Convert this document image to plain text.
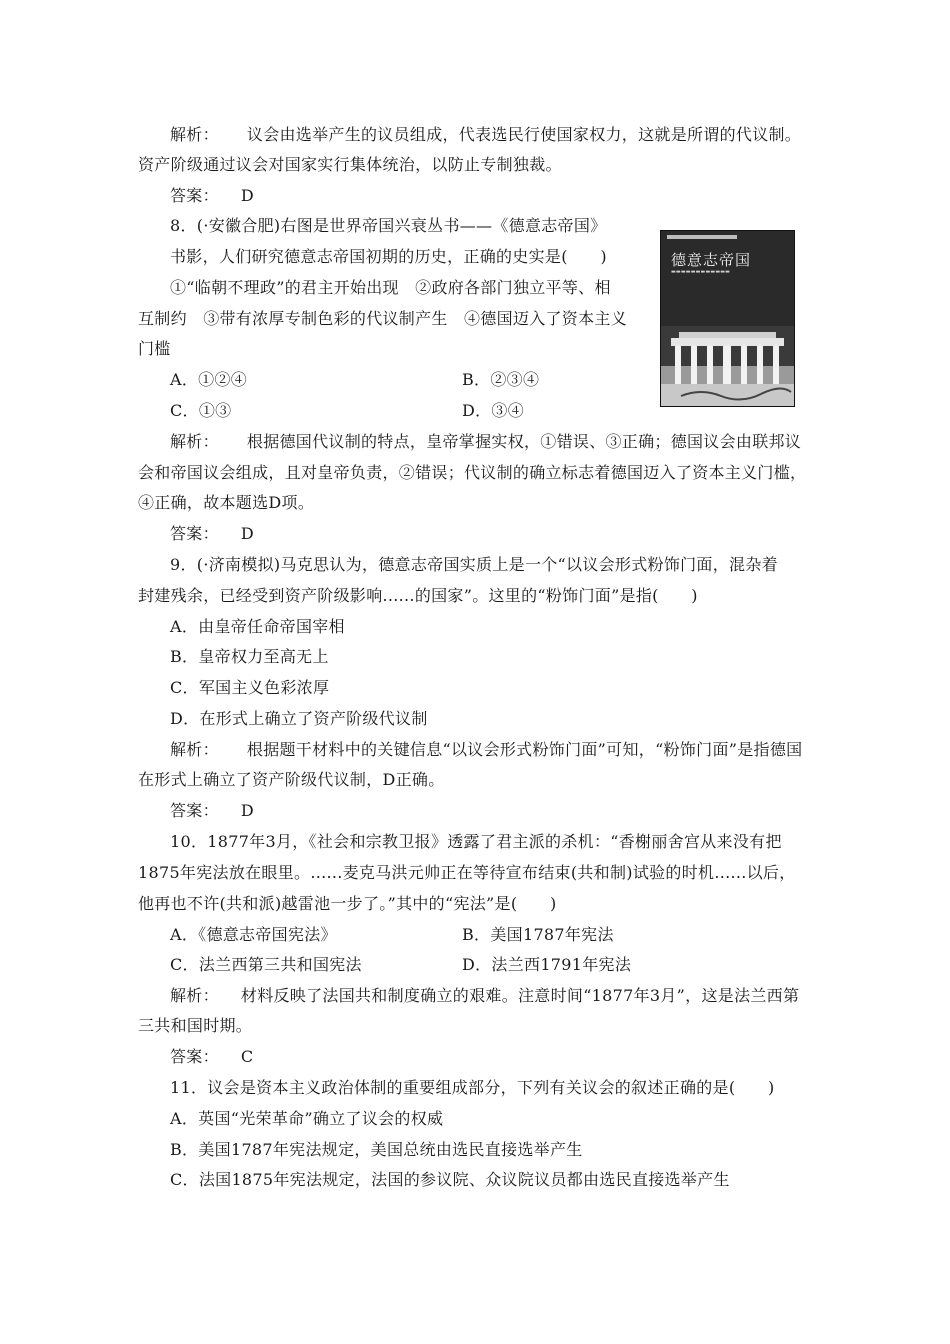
解析： 议会由选举产生的议员组成，代表选民行使国家权力，这就是所谓的代议制。
资产阶级通过议会对国家实行集体统治，以防止专制独裁。
答案： D
8．(·安徽合肥)右图是世界帝国兴衰丛书——《德意志帝国》
书影，人们研究德意志帝国初期的历史，正确的史实是(　　)
①“临朝不理政”的君主开始出现　②政府各部门独立平等、相
互制约　③带有浓厚专制色彩的代议制产生　④德国迈入了资本主义
门槛
A．①②④	B．②③④
C．①③	D．③④
德意志帝国
▬▬▬▬▬▬▬▬▬▬▬▬
解析： 根据德国代议制的特点，皇帝掌握实权，①错误、③正确；德国议会由联邦议
会和帝国议会组成，且对皇帝负责，②错误；代议制的确立标志着德国迈入了资本主义门槛，
④正确，故本题选D项。
答案： D
9．(·济南模拟)马克思认为，德意志帝国实质上是一个“以议会形式粉饰门面，混杂着
封建残余，已经受到资产阶级影响......的国家”。这里的“粉饰门面”是指(　　)
A．由皇帝任命帝国宰相
B．皇帝权力至高无上
C．军国主义色彩浓厚
D．在形式上确立了资产阶级代议制
解析： 根据题干材料中的关键信息“以议会形式粉饰门面”可知，“粉饰门面”是指德国
在形式上确立了资产阶级代议制，D正确。
答案： D
10．1877年3月，《社会和宗教卫报》透露了君主派的杀机：“香榭丽舍宫从来没有把
1875年宪法放在眼里。......麦克马洪元帅正在等待宣布结束(共和制)试验的时机......以后，
他再也不许(共和派)越雷池一步了。”其中的“宪法”是(　　)
A．《德意志帝国宪法》	B．美国1787年宪法
C．法兰西第三共和国宪法	D．法兰西1791年宪法
解析： 材料反映了法国共和制度确立的艰难。注意时间“1877年3月”，这是法兰西第
三共和国时期。
答案： C
11．议会是资本主义政治体制的重要组成部分，下列有关议会的叙述正确的是(　　)
A．英国“光荣革命”确立了议会的权威
B．美国1787年宪法规定，美国总统由选民直接选举产生
C．法国1875年宪法规定，法国的参议院、众议院议员都由选民直接选举产生
